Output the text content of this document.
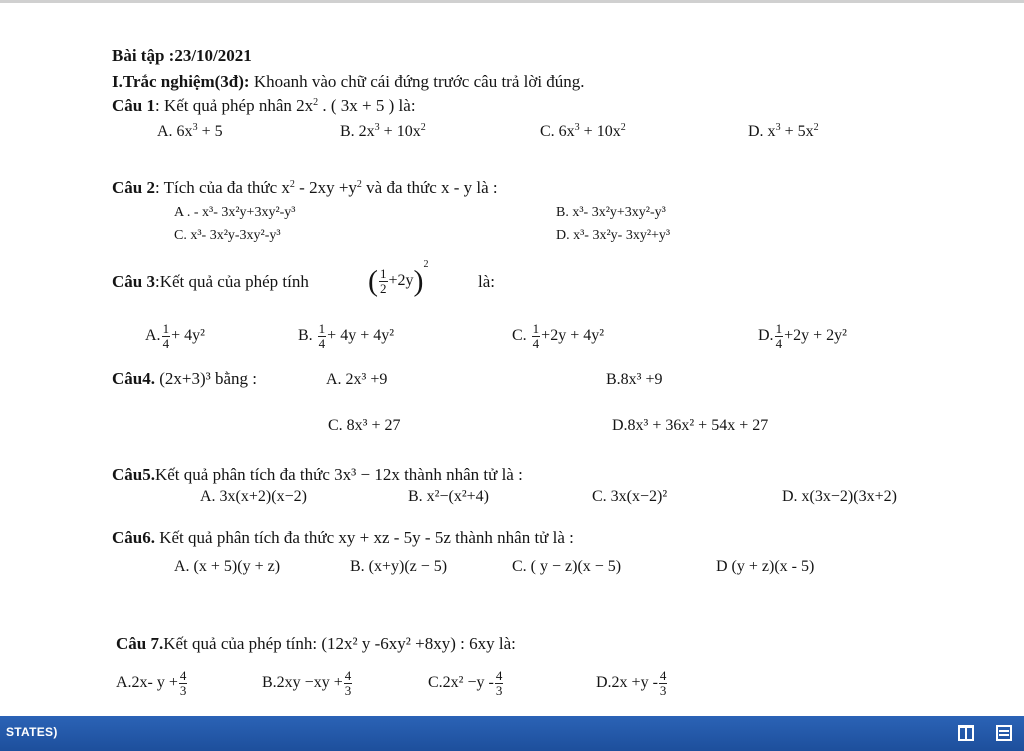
Bài tập :23/10/2021
I.Trắc nghiệm(3đ): Khoanh vào chữ cái đứng trước câu trả lời đúng.
Câu 1: Kết quả phép nhân $2x^2$ . ( 3x + 5 ) là:
A. $6x^3 + 5$	B. $2x^3 + 10x^2$	C. $6x^3 + 10x^2$	D. $x^3 + 5x^2$
Câu 2: Tích của đa thức $x^2 - 2xy +y^2$ và đa thức x - y là :
A . - x³- 3x²y+3xy²-y³	B. x³- 3x²y+3xy²-y³
C. x³- 3x²y-3xy²-y³	D. x³- 3x²y- 3xy²+y³
Câu 3:Kết quả của phép tính ( $\frac{1}{2} +2y)^2$
là:
A. $\frac{1}{4} + 4y^2$	B. $\frac{1}{4} + 4y + 4y^2$	C. $\frac{1}{4} +2y + 4y^2$	D. $\frac{1}{4} +2y + 2y^2$
Câu4. (2x+3)³ bằng :	A. 2x³ +9	B.8x³ +9
C. 8x³ + 27	D.8x³ + 36x² + 54x + 27
Câu5.Kết quả phân tích đa thức 3x³ − 12x thành nhân tử là :
A. 3x(x+2)(x−2)	B. x²−(x²+4)	C. 3x(x−2)²	D. x(3x−2)(3x+2)
Câu6. Kết quả phân tích đa thức xy + xz - 5y - 5z thành nhân tử là :
A. (x + 5)(y + z)	B. (x+y)(z − 5)	C. ( y − z)(x − 5)	D (y + z)(x - 5)
Câu 7.Kết quả của phép tính: (12x² y -6xy² +8xy) : 6xy là:
A.2x- $y + \frac{4}{3}$	$B.2xy -xy + \frac{4}{3}$	$C.2x^2 -y - \frac{4}{3}$	$D.2x +y - \frac{4}{3}$
STATES)
